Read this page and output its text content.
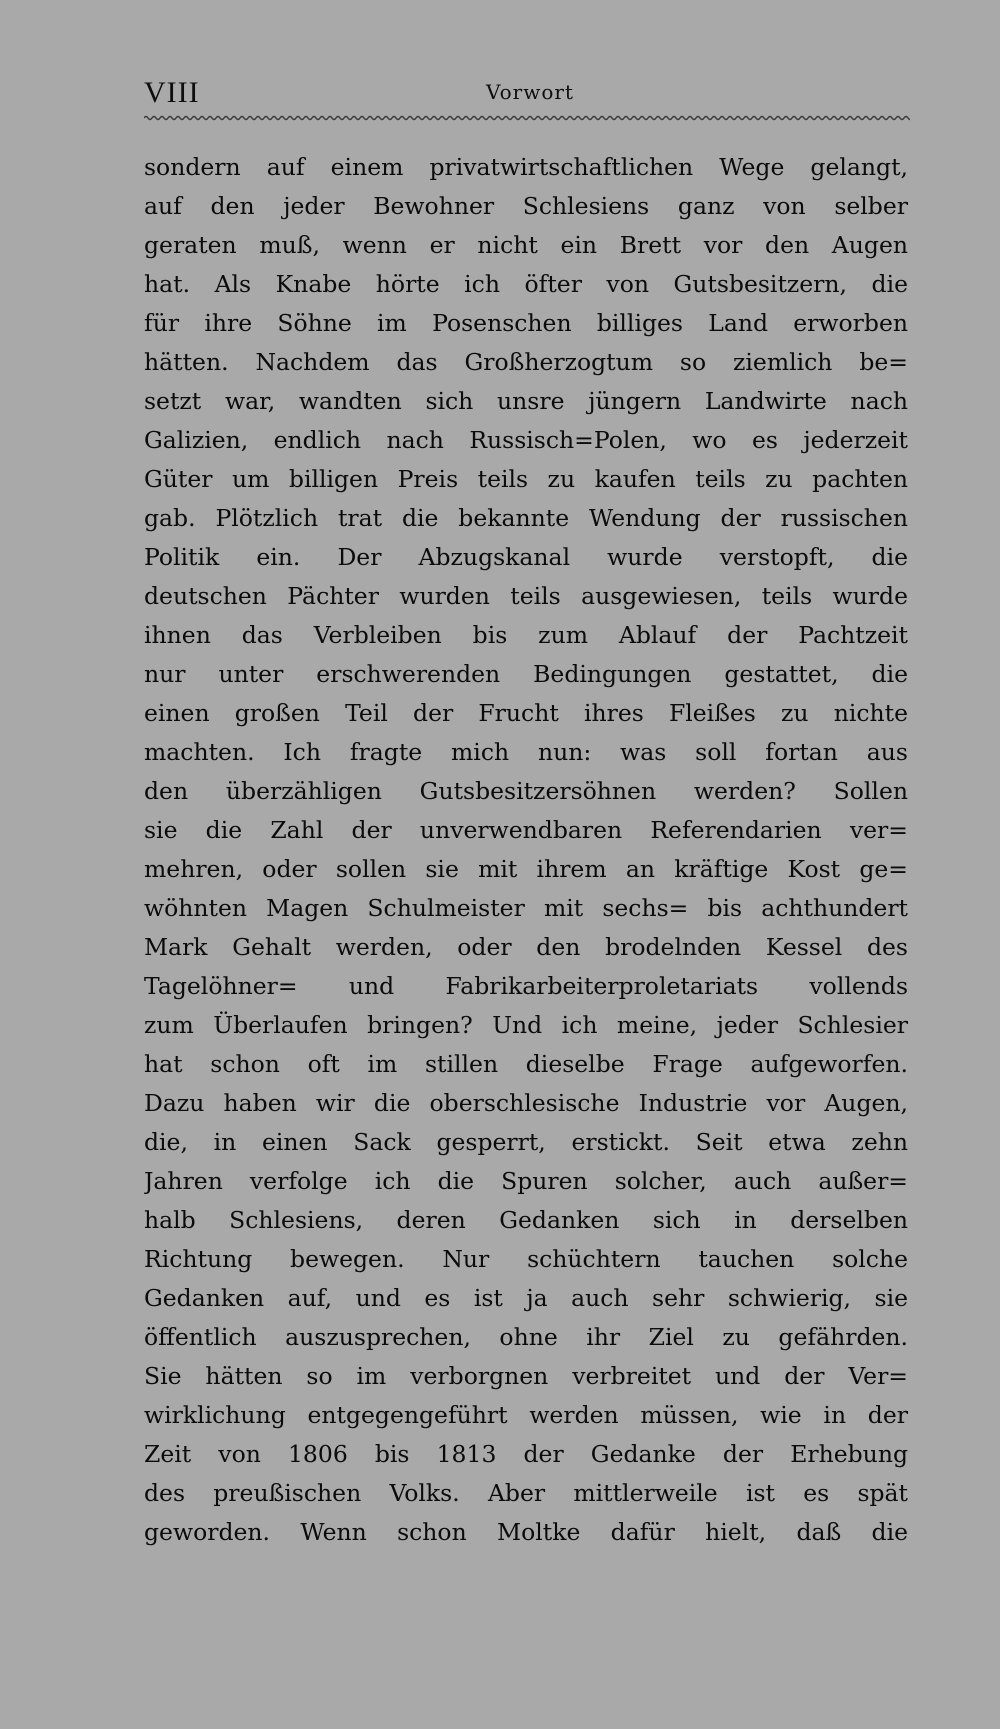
VIII	Vorwort
sondern auf einem privatwirtschaftlichen Wege gelangt,
auf den jeder Bewohner Schlesiens ganz von selber
geraten muß, wenn er nicht ein Brett vor den Augen
hat. Als Knabe hörte ich öfter von Gutsbesitzern, die
für ihre Söhne im Posenschen billiges Land erworben
hätten. Nachdem das Großherzogtum so ziemlich be=
setzt war, wandten sich unsre jüngern Landwirte nach
Galizien, endlich nach Russisch=Polen, wo es jederzeit
Güter um billigen Preis teils zu kaufen teils zu pachten
gab. Plötzlich trat die bekannte Wendung der russischen
Politik ein. Der Abzugskanal wurde verstopft, die
deutschen Pächter wurden teils ausgewiesen, teils wurde
ihnen das Verbleiben bis zum Ablauf der Pachtzeit
nur unter erschwerenden Bedingungen gestattet, die
einen großen Teil der Frucht ihres Fleißes zu nichte
machten. Ich fragte mich nun: was soll fortan aus
den überzähligen Gutsbesitzersöhnen werden? Sollen
sie die Zahl der unverwendbaren Referendarien ver=
mehren, oder sollen sie mit ihrem an kräftige Kost ge=
wöhnten Magen Schulmeister mit sechs= bis achthundert
Mark Gehalt werden, oder den brodelnden Kessel des
Tagelöhner= und Fabrikarbeiterproletariats vollends
zum Überlaufen bringen? Und ich meine, jeder Schlesier
hat schon oft im stillen dieselbe Frage aufgeworfen.
Dazu haben wir die oberschlesische Industrie vor Augen,
die, in einen Sack gesperrt, erstickt. Seit etwa zehn
Jahren verfolge ich die Spuren solcher, auch außer=
halb Schlesiens, deren Gedanken sich in derselben
Richtung bewegen. Nur schüchtern tauchen solche
Gedanken auf, und es ist ja auch sehr schwierig, sie
öffentlich auszusprechen, ohne ihr Ziel zu gefährden.
Sie hätten so im verborgnen verbreitet und der Ver=
wirklichung entgegengeführt werden müssen, wie in der
Zeit von 1806 bis 1813 der Gedanke der Erhebung
des preußischen Volks. Aber mittlerweile ist es spät
geworden. Wenn schon Moltke dafür hielt, daß die
